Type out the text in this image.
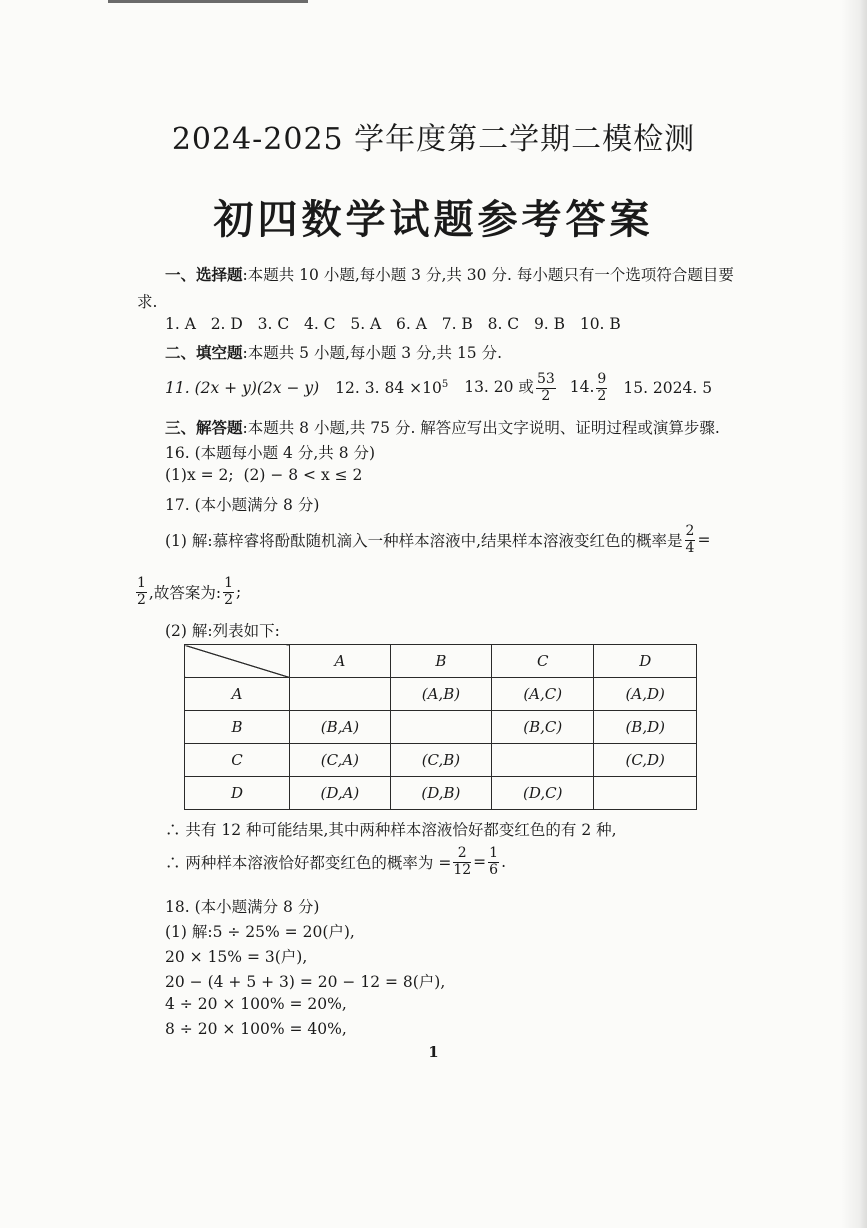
2024-2025 学年度第二学期二模检测
初四数学试题参考答案
一、选择题:本题共 10 小题,每小题 3 分,共 30 分. 每小题只有一个选项符合题目要
求.
1. A   2. D   3. C   4. C   5. A   6. A   7. B   8. C   9. B   10. B
二、填空题:本题共 5 小题,每小题 3 分,共 15 分.
11. (2x + y)(2x − y) 12. 3. $84 \times 10^5$ 13. 20 或 $\frac{53}{2} 14$. $\frac{9}{2} 15$. 2024. 5
三、解答题:本题共 8 小题,共 75 分. 解答应写出文字说明、证明过程或演算步骤.
16. (本题每小题 4 分,共 8 分)
(1)x = 2;  (2) − 8 < x ≤ 2
17. (本小题满分 8 分)
(1) 解:慕梓睿将酚酞随机滴入一种样本溶液中,结果样本溶液变红色的概率是 $\frac{2}{4}$ =
$\frac{1}{2}$ ,故答案为: $\frac{1}{2}$ ;
(2) 解:列表如下:
	A	B	C	D
A		(A,B)	(A,C)	(A,D)
B	(B,A)		(B,C)	(B,D)
C	(C,A)	(C,B)		(C,D)
D	(D,A)	(D,B)	(D,C)	
∴ 共有 12 种可能结果,其中两种样本溶液恰好都变红色的有 2 种,
∴ 两种样本溶液恰好都变红色的概率为 = $\frac{2}{12} = \frac{1}{6}$ .
18. (本小题满分 8 分)
(1) 解:5 ÷ 25% = 20(户),
20 × 15% = 3(户),
20 − (4 + 5 + 3) = 20 − 12 = 8(户),
4 ÷ 20 × 100% = 20%,
8 ÷ 20 × 100% = 40%,
1
